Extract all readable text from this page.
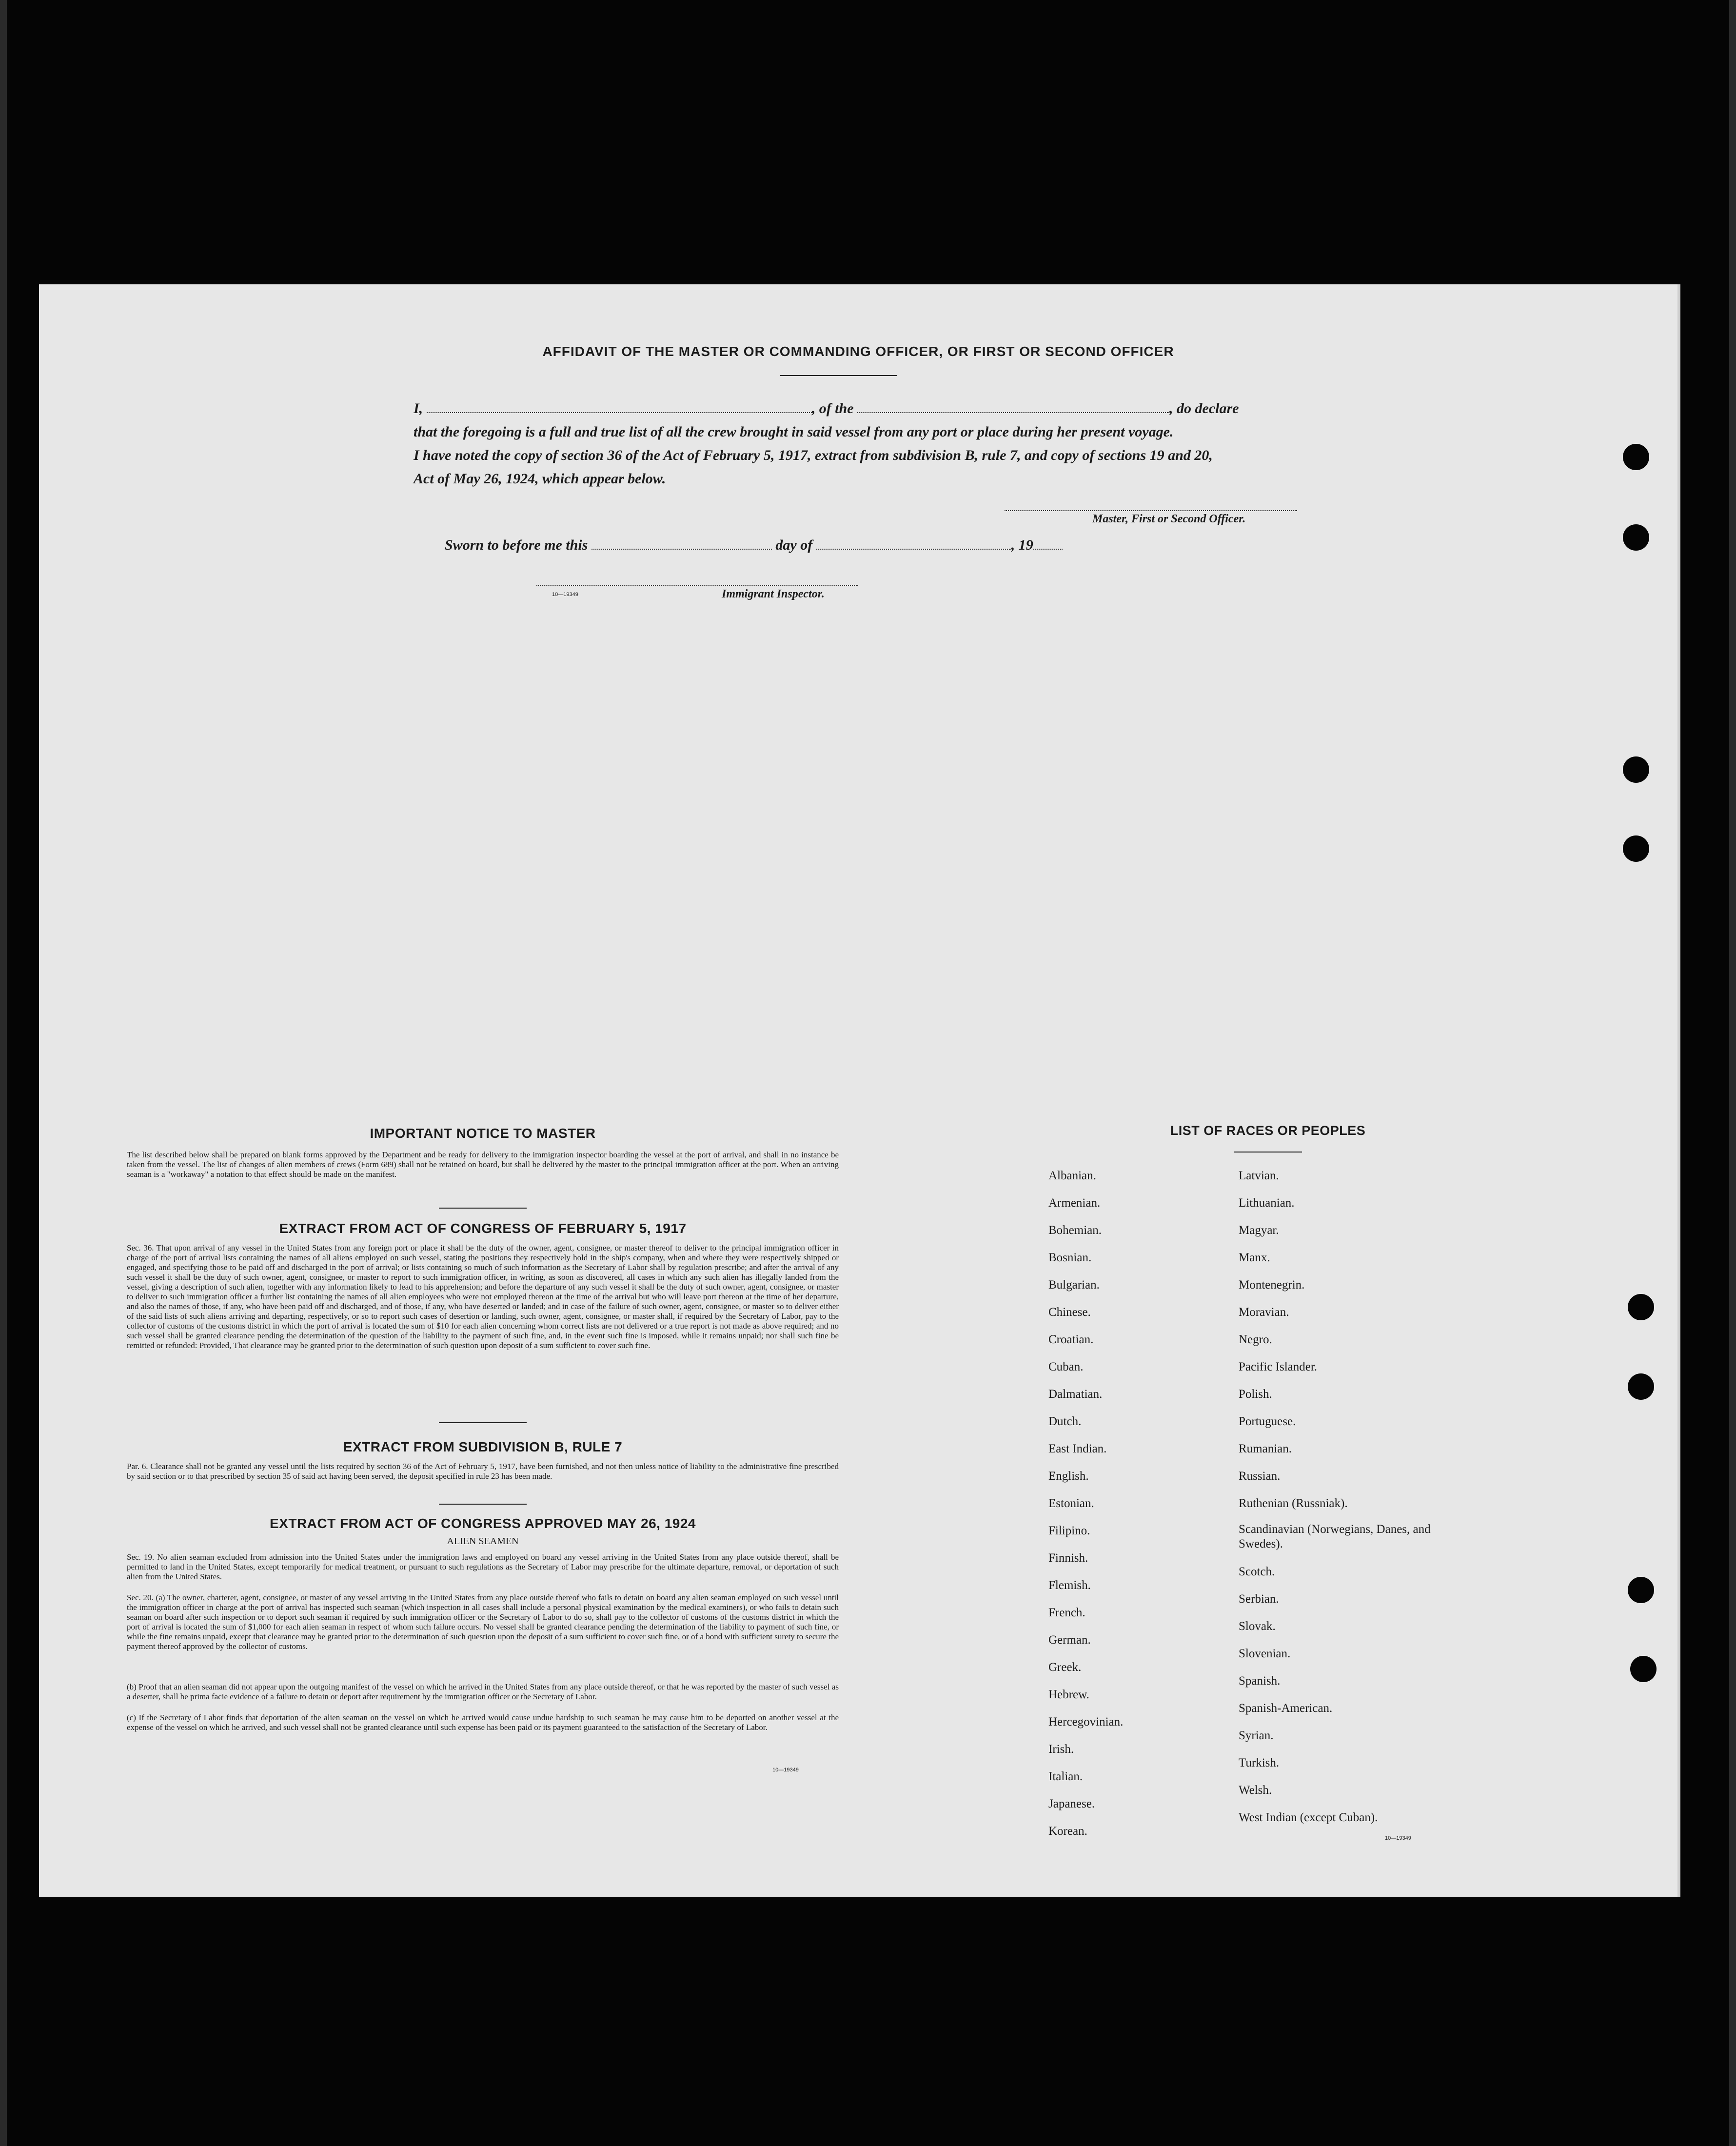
AFFIDAVIT OF THE MASTER OR COMMANDING OFFICER, OR FIRST OR SECOND OFFICER
I,	, of the	, do declare
that the foregoing is a full and true list of all the crew brought in said vessel from any port or place during her present voyage.
I have noted the copy of section 36 of the Act of February 5, 1917, extract from subdivision B, rule 7, and copy of sections 19 and 20,
Act of May 26, 1924, which appear below.
Master, First or Second Officer.
Sworn to before me this	day of	, 19
10—19349	Immigrant Inspector.
IMPORTANT NOTICE TO MASTER
The list described below shall be prepared on blank forms approved by the Department and be ready for delivery to the immigration inspector boarding the vessel at the port of arrival, and shall in no instance be taken from the vessel. The list of changes of alien members of crews (Form 689) shall not be retained on board, but shall be delivered by the master to the principal immigration officer at the port. When an arriving seaman is a "workaway" a notation to that effect should be made on the manifest.
EXTRACT FROM ACT OF CONGRESS OF FEBRUARY 5, 1917
Sec. 36. That upon arrival of any vessel in the United States from any foreign port or place it shall be the duty of the owner, agent, consignee, or master thereof to deliver to the principal immigration officer in charge of the port of arrival lists containing the names of all aliens employed on such vessel, stating the positions they respectively hold in the ship's company, when and where they were respectively shipped or engaged, and specifying those to be paid off and discharged in the port of arrival; or lists containing so much of such information as the Secretary of Labor shall by regulation prescribe; and after the arrival of any such vessel it shall be the duty of such owner, agent, consignee, or master to report to such immigration officer, in writing, as soon as discovered, all cases in which any such alien has illegally landed from the vessel, giving a description of such alien, together with any information likely to lead to his apprehension; and before the departure of any such vessel it shall be the duty of such owner, agent, consignee, or master to deliver to such immigration officer a further list containing the names of all alien employees who were not employed thereon at the time of the arrival but who will leave port thereon at the time of her departure, and also the names of those, if any, who have been paid off and discharged, and of those, if any, who have deserted or landed; and in case of the failure of such owner, agent, consignee, or master so to deliver either of the said lists of such aliens arriving and departing, respectively, or so to report such cases of desertion or landing, such owner, agent, consignee, or master shall, if required by the Secretary of Labor, pay to the collector of customs of the customs district in which the port of arrival is located the sum of $10 for each alien concerning whom correct lists are not delivered or a true report is not made as above required; and no such vessel shall be granted clearance pending the determination of the question of the liability to the payment of such fine, and, in the event such fine is imposed, while it remains unpaid; nor shall such fine be remitted or refunded: Provided, That clearance may be granted prior to the determination of such question upon deposit of a sum sufficient to cover such fine.
EXTRACT FROM SUBDIVISION B, RULE 7
Par. 6. Clearance shall not be granted any vessel until the lists required by section 36 of the Act of February 5, 1917, have been furnished, and not then unless notice of liability to the administrative fine prescribed by said section or to that prescribed by section 35 of said act having been served, the deposit specified in rule 23 has been made.
EXTRACT FROM ACT OF CONGRESS APPROVED MAY 26, 1924
ALIEN SEAMEN
Sec. 19. No alien seaman excluded from admission into the United States under the immigration laws and employed on board any vessel arriving in the United States from any place outside thereof, shall be permitted to land in the United States, except temporarily for medical treatment, or pursuant to such regulations as the Secretary of Labor may prescribe for the ultimate departure, removal, or deportation of such alien from the United States.
Sec. 20. (a) The owner, charterer, agent, consignee, or master of any vessel arriving in the United States from any place outside thereof who fails to detain on board any alien seaman employed on such vessel until the immigration officer in charge at the port of arrival has inspected such seaman (which inspection in all cases shall include a personal physical examination by the medical examiners), or who fails to detain such seaman on board after such inspection or to deport such seaman if required by such immigration officer or the Secretary of Labor to do so, shall pay to the collector of customs of the customs district in which the port of arrival is located the sum of $1,000 for each alien seaman in respect of whom such failure occurs. No vessel shall be granted clearance pending the determination of the liability to payment of such fine, or while the fine remains unpaid, except that clearance may be granted prior to the determination of such question upon the deposit of a sum sufficient to cover such fine, or of a bond with sufficient surety to secure the payment thereof approved by the collector of customs.
(b) Proof that an alien seaman did not appear upon the outgoing manifest of the vessel on which he arrived in the United States from any place outside thereof, or that he was reported by the master of such vessel as a deserter, shall be prima facie evidence of a failure to detain or deport after requirement by the immigration officer or the Secretary of Labor.
(c) If the Secretary of Labor finds that deportation of the alien seaman on the vessel on which he arrived would cause undue hardship to such seaman he may cause him to be deported on another vessel at the expense of the vessel on which he arrived, and such vessel shall not be granted clearance until such expense has been paid or its payment guaranteed to the satisfaction of the Secretary of Labor.
10—19349
LIST OF RACES OR PEOPLES
Albanian.
Armenian.
Bohemian.
Bosnian.
Bulgarian.
Chinese.
Croatian.
Cuban.
Dalmatian.
Dutch.
East Indian.
English.
Estonian.
Filipino.
Finnish.
Flemish.
French.
German.
Greek.
Hebrew.
Hercegovinian.
Irish.
Italian.
Japanese.
Korean.
Latvian.
Lithuanian.
Magyar.
Manx.
Montenegrin.
Moravian.
Negro.
Pacific Islander.
Polish.
Portuguese.
Rumanian.
Russian.
Ruthenian (Russniak).
Scandinavian (Norwegians, Danes, and Swedes).
Scotch.
Serbian.
Slovak.
Slovenian.
Spanish.
Spanish-American.
Syrian.
Turkish.
Welsh.
West Indian (except Cuban).
10—19349
